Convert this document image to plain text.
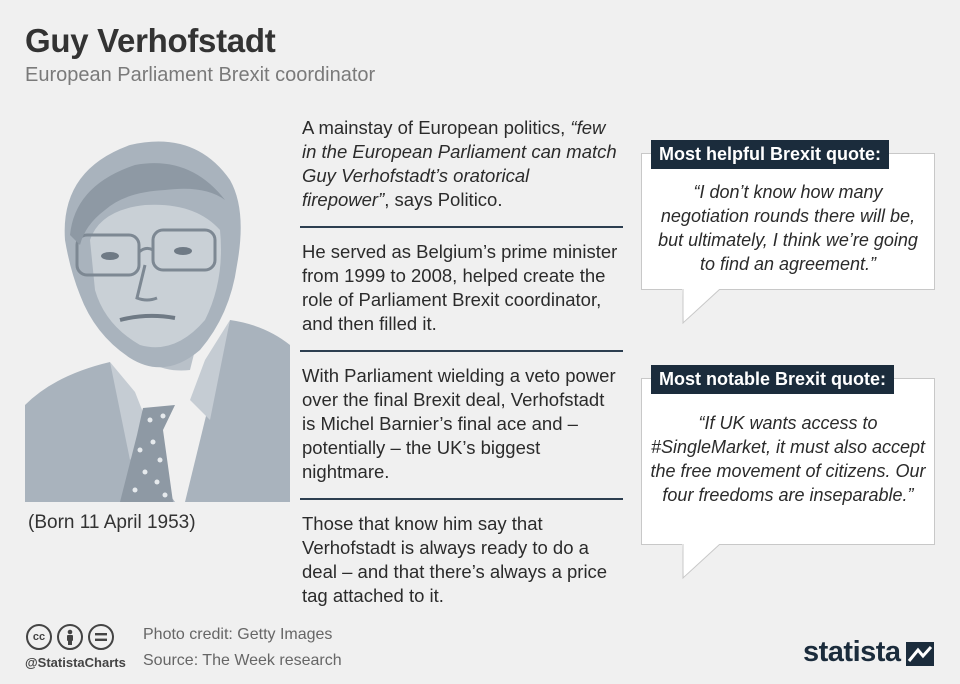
Guy Verhofstadt
European Parliament Brexit coordinator
(Born 11 April 1953)
A mainstay of European politics, “few in the European Parliament can match Guy Verhofstadt’s oratorical firepower”, says Politico.
He served as Belgium’s prime minister from 1999 to 2008, helped create the role of Parliament Brexit coordinator, and then filled it.
With Parliament wielding a veto power over the final Brexit deal, Verhofstadt is Michel Barnier’s final ace and – potentially – the UK’s biggest nightmare.
Those that know him say that Verhofstadt is always ready to do a deal – and that there’s always a price tag attached to it.
“I don’t know how many negotiation rounds there will be, but ultimately, I think we’re going to find an agreement.”
Most helpful Brexit quote:
“If UK wants access to #SingleMarket, it must also accept the free movement of citizens. Our four freedoms are inseparable.”
Most notable Brexit quote:
cc
@StatistaCharts
Photo credit: Getty Images
Source: The Week research	statista
